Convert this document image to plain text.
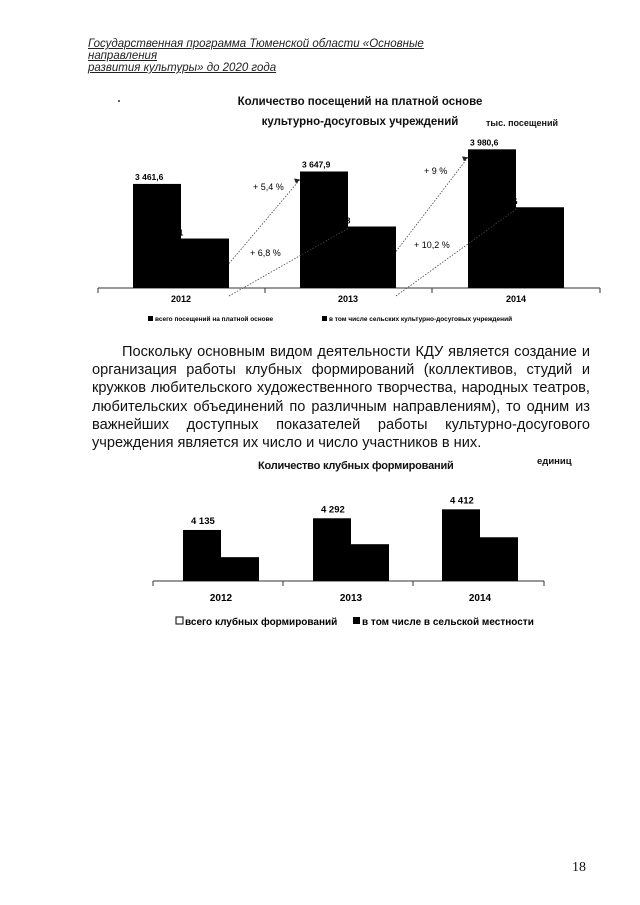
Государственная программа Тюменской области «Основные направления
развития культуры» до 2020 года
Количество посещений на платной основе
культурно-досуговых учреждений	тыс. посещений
3 461,6
2 642,1
2012
3 647,9
2 822,8
2013
3 980,6
3 111,5
2014
+ 5,4 %
+ 9 %
+ 6,8 %
+ 10,2 %
всего посещений на платной основе	в том числе сельских культурно-досуговых учреждений
Поскольку основным видом деятельности КДУ является создание и организация работы клубных формирований (коллективов, студий и кружков любительского художественного творчества, народных театров, любительских объединений по различным направлениям), то одним из важнейших доступных показателей работы культурно-досугового учреждения является их число и число участников в них.
Количество клубных формирований	единиц
4 135
3 770
2012
4 292
3 944
2013
4 412
4 037
2014
всего клубных формирований в том числе в сельской местности
18
